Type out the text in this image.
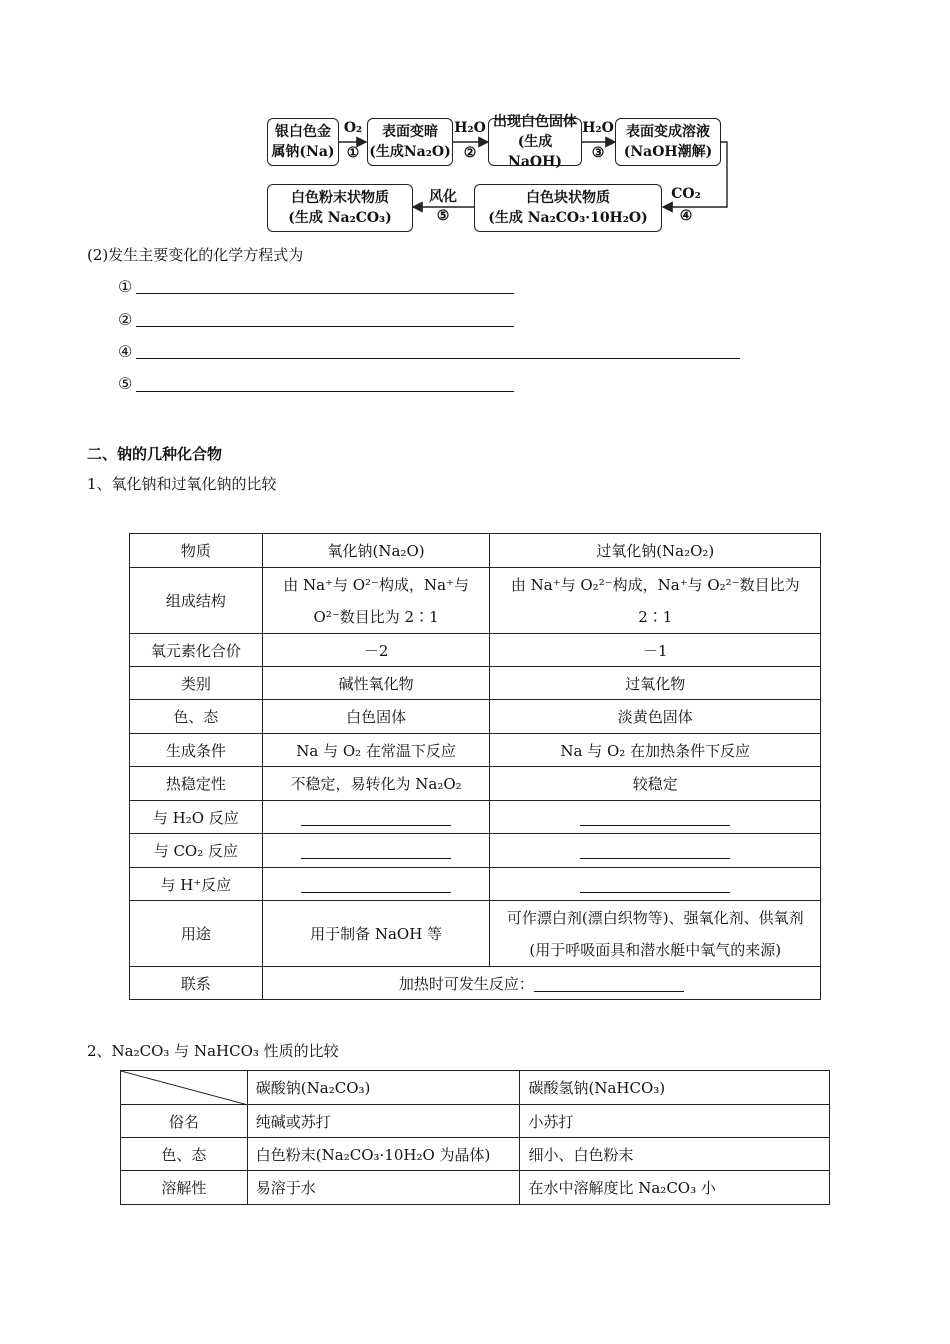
银白色金
属钠(Na)
O₂
①
表面变暗
(生成Na₂O)
H₂O
②
出现白色固体
(生成 NaOH)
H₂O
③
表面变成溶液
(NaOH潮解)
CO₂
④
白色块状物质
(生成 Na₂CO₃·10H₂O)
风化
⑤
白色粉末状物质
(生成 Na₂CO₃)
(2)发生主要变化的化学方程式为
①
②
④
⑤
二、钠的几种化合物
1、氧化钠和过氧化钠的比较
物质	氧化钠(Na₂O)	过氧化钠(Na₂O₂)
组成结构	由 Na⁺与 O²⁻构成，Na⁺与 O²⁻数目比为 2∶1	由 Na⁺与 O₂²⁻构成，Na⁺与 O₂²⁻数目比为 2∶1
氧元素化合价	－2	－1
类别	碱性氧化物	过氧化物
色、态	白色固体	淡黄色固体
生成条件	Na 与 O₂ 在常温下反应	Na 与 O₂ 在加热条件下反应
热稳定性	不稳定，易转化为 Na₂O₂	较稳定
与 H₂O 反应		
与 CO₂ 反应		
与 H⁺反应		
用途	用于制备 NaOH 等	可作漂白剂(漂白织物等)、强氧化剂、供氧剂(用于呼吸面具和潜水艇中氧气的来源)
联系	加热时可发生反应：	
2、Na₂CO₃ 与 NaHCO₃ 性质的比较
	碳酸钠(Na₂CO₃)	碳酸氢钠(NaHCO₃)
俗名	纯碱或苏打	小苏打
色、态	白色粉末(Na₂CO₃·10H₂O 为晶体)	细小、白色粉末
溶解性	易溶于水	在水中溶解度比 Na₂CO₃ 小
